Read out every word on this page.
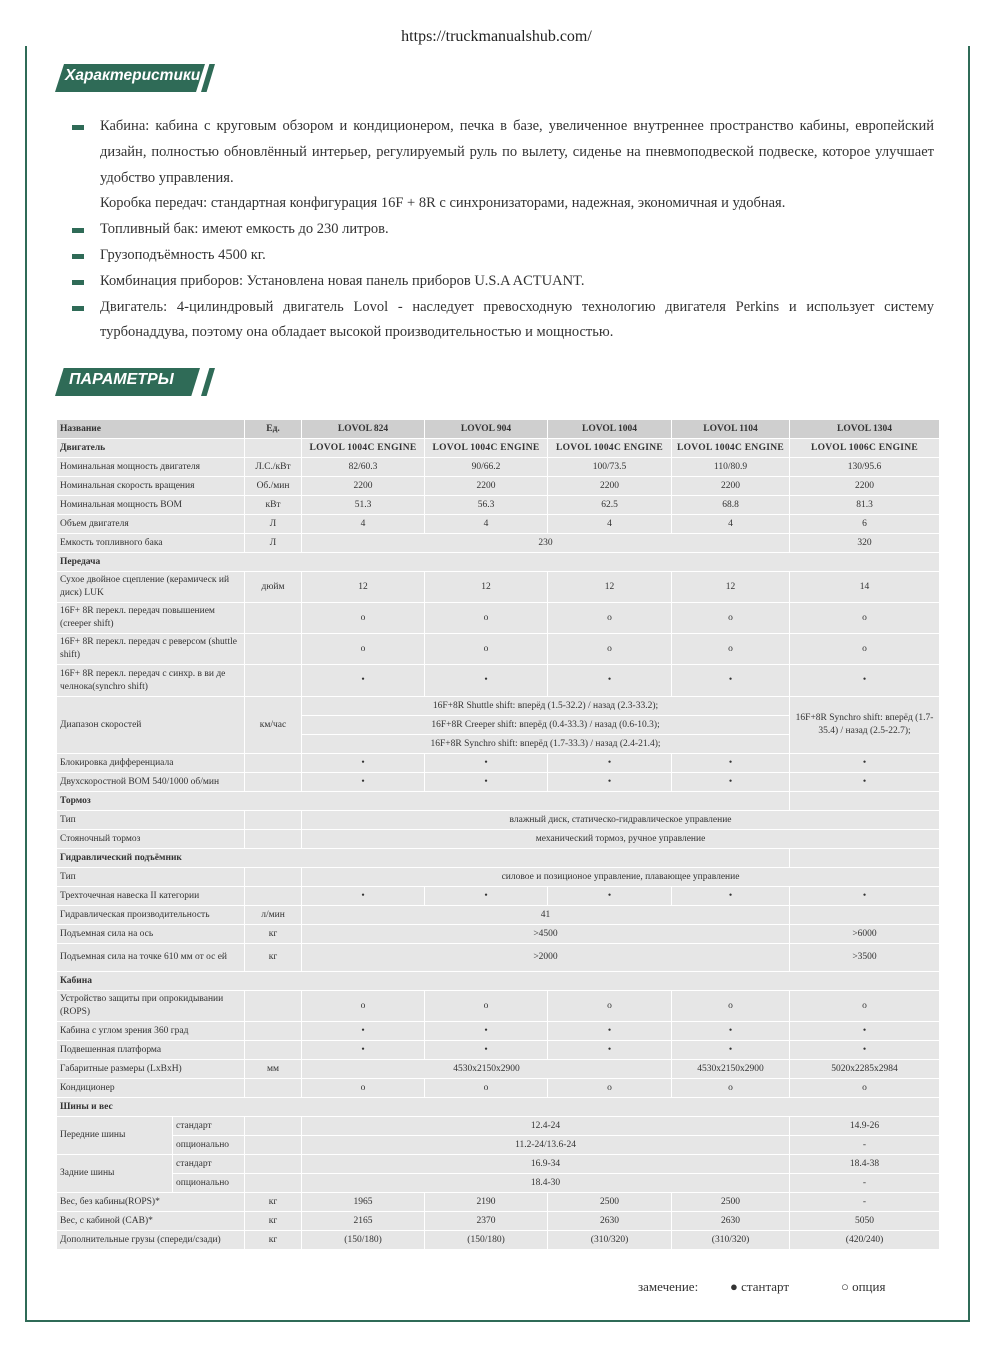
https://truckmanualshub.com/
Характеристики
Кабина: кабина с круговым обзором и кондиционером, печка в базе, увеличенное внутреннее пространство кабины, европейский дизайн, полностью обновлённый интерьер, регулируемый руль по вылету, сиденье на пневмоподвеской подвеске, которое улучшает удобство управления.
Коробка передач: стандартная конфигурация 16F + 8R с синхронизаторами, надежная, экономичная и удобная.
Топливный бак: имеют емкость до 230 литров.
Грузоподъёмность 4500 кг.
Комбинация приборов: Установлена новая панель приборов U.S.A ACTUANT.
Двигатель: 4-цилиндровый двигатель Lovol - наследует превосходную технологию двигателя Perkins и использует систему турбонаддува, поэтому она обладает высокой производительностью и мощностью.
ПАРАМЕТРЫ
Название		Ед.	LOVOL 824	LOVOL 904	LOVOL 1004	LOVOL 1104	LOVOL 1304
Двигатель			LOVOL 1004C ENGINE	LOVOL 1004C ENGINE	LOVOL 1004C ENGINE	LOVOL 1004C ENGINE	LOVOL 1006C ENGINE
Номинальная мощность двигателя		Л.С./кВт	82/60.3	90/66.2	100/73.5	110/80.9	130/95.6
Номинальная скорость вращения		Об./мин	2200	2200	2200	2200	2200
Номинальная мощность ВОМ		кВт	51.3	56.3	62.5	68.8	81.3
Объем двигателя		Л	4	4	4	4	6
Емкость топливного бака		Л	230				320
Передача							
Сухое двойное сцепление (керамическ ий диск) LUK		дюйм	12	12	12	12	14
16F+ 8R перекл. передач повышением (creeper shift)			o	o	o	o	o
16F+ 8R перекл. передач с реверсом (shuttle shift)			o	o	o	o	o
16F+ 8R перекл. передач с синхр. в ви де челнока(synchro shift)			•	•	•	•	•
Диапазон скоростей		км/час	16F+8R Shuttle shift: вперёд (1.5-32.2) / назад (2.3-33.2);				16F+8R Synchro shift: вперёд (1.7-35.4) / назад (2.5-22.7);
			16F+8R Creeper shift: вперёд (0.4-33.3) / назад (0.6-10.3);				
			16F+8R Synchro shift: вперёд (1.7-33.3) / назад (2.4-21.4);				
Блокировка дифференциала			•	•	•	•	•
Двухскоростной ВОМ 540/1000 об/мин			•	•	•	•	•
Тормоз							
Тип			влажный диск, статическо-гидравлическое управление				
Стояночный тормоз			механический тормоз, ручное управление				
Гидравлический подъёмник							
Тип			силовое и позиционое управление, плавающее управление				
Трехточечная навеска II категории			•	•	•	•	•
Гидравлическая производительность		л/мин	41				
Подъемная сила на ось		кг	>4500				>6000
Подъемная сила на точке 610 мм от ос ей		кг	>2000				>3500
Кабина							
Устройство защиты при опрокидывании (ROPS)			o	o	o	o	o
Кабина с углом зрения 360 град			•	•	•	•	•
Подвешенная платформа			•	•	•	•	•
Габаритные размеры (LxBxH)		мм	4530x2150x2900			4530x2150x2900	5020x2285x2984
Кондиционер			o	o	o	o	o
Шины и вес							
Передние шины	стандарт		12.4-24				14.9-26
	опционально		11.2-24/13.6-24				-
Задние шины	стандарт		16.9-34				18.4-38
	опционально		18.4-30				-
Вес, без кабины(ROPS)*		кг	1965	2190	2500	2500	-
Вес, с кабиной (CAB)*		кг	2165	2370	2630	2630	5050
Дополнительные грузы (спереди/сзади)		кг	(150/180)	(150/180)	(310/320)	(310/320)	(420/240)
замечение: ● стантарт	○ опция
